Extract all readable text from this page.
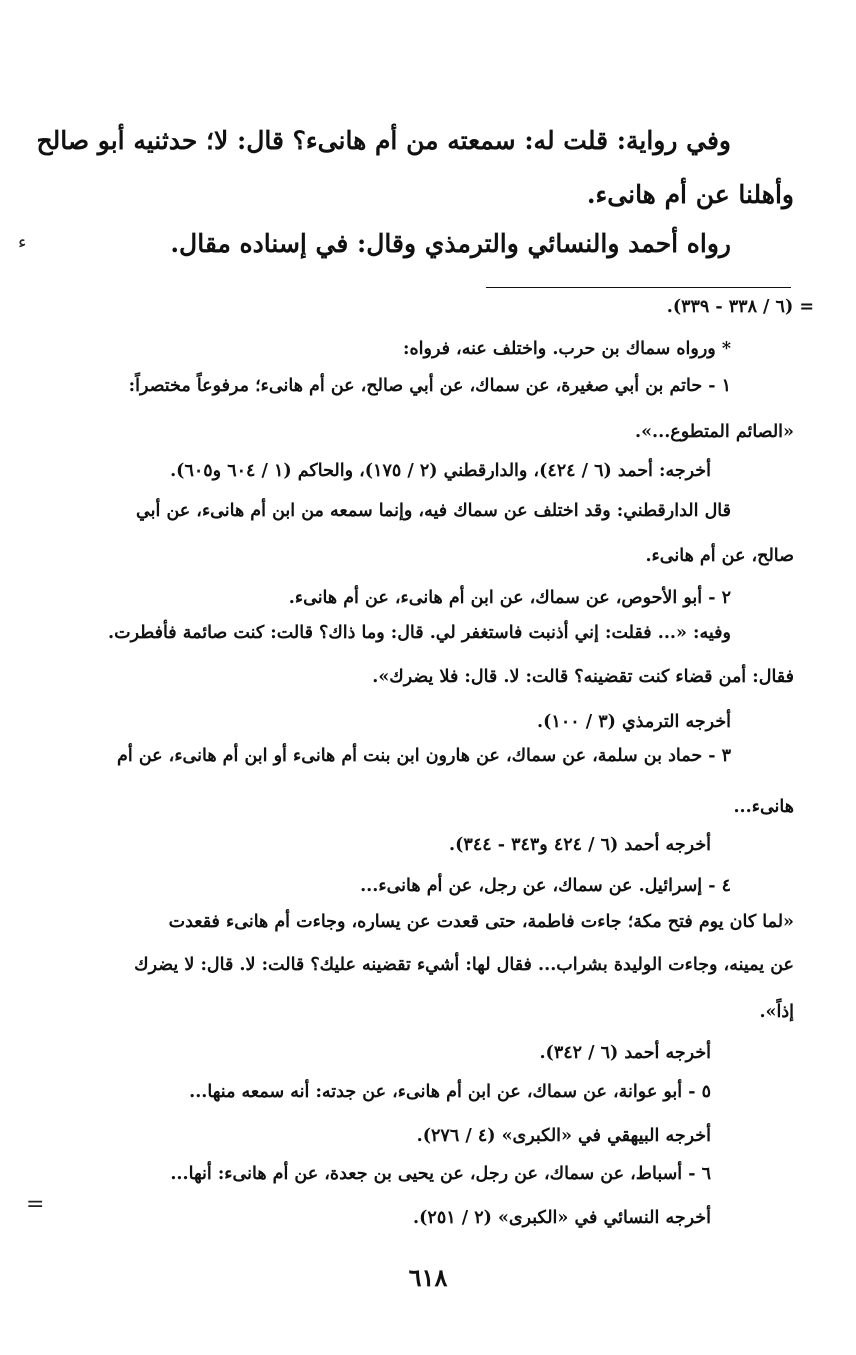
وفي رواية: قلت له: سمعته من أم هانىء؟ قال: لا؛ حدثنيه أبو صالح
وأهلنا عن أم هانىء.
رواه أحمد والنسائي والترمذي وقال: في إسناده مقال.
= (٦ / ٣٣٨ - ٣٣٩).
* ورواه سماك بن حرب. واختلف عنه، فرواه:
١ - حاتم بن أبي صغيرة، عن سماك، عن أبي صالح، عن أم هانىء؛ مرفوعاً مختصراً:
«الصائم المتطوع...».
أخرجه: أحمد (٦ / ٤٢٤)، والدارقطني (٢ / ١٧٥)، والحاكم (١ / ٦٠٤ و٦٠٥).
قال الدارقطني: وقد اختلف عن سماك فيه، وإنما سمعه من ابن أم هانىء، عن أبي
صالح، عن أم هانىء.
٢ - أبو الأحوص، عن سماك، عن ابن أم هانىء، عن أم هانىء.
وفيه: «... فقلت: إني أذنبت فاستغفر لي. قال: وما ذاك؟ قالت: كنت صائمة فأفطرت.
فقال: أمن قضاء كنت تقضينه؟ قالت: لا. قال: فلا يضرك».
أخرجه الترمذي (٣ / ١٠٠).
٣ - حماد بن سلمة، عن سماك، عن هارون ابن بنت أم هانىء أو ابن أم هانىء، عن أم
هانىء...
أخرجه أحمد (٦ / ٤٢٤ و٣٤٣ - ٣٤٤).
٤ - إسرائيل. عن سماك، عن رجل، عن أم هانىء...
«لما كان يوم فتح مكة؛ جاءت فاطمة، حتى قعدت عن يساره، وجاءت أم هانىء فقعدت
عن يمينه، وجاءت الوليدة بشراب... فقال لها: أشيء تقضينه عليك؟ قالت: لا. قال: لا يضرك
إذاً».
أخرجه أحمد (٦ / ٣٤٢).
٥ - أبو عوانة، عن سماك، عن ابن أم هانىء، عن جدته: أنه سمعه منها...
أخرجه البيهقي في «الكبرى» (٤ / ٢٧٦).
٦ - أسباط، عن سماك، عن رجل، عن يحيى بن جعدة، عن أم هانىء: أنها...
أخرجه النسائي في «الكبرى» (٢ / ٢٥١).
ء
=
٦١٨
